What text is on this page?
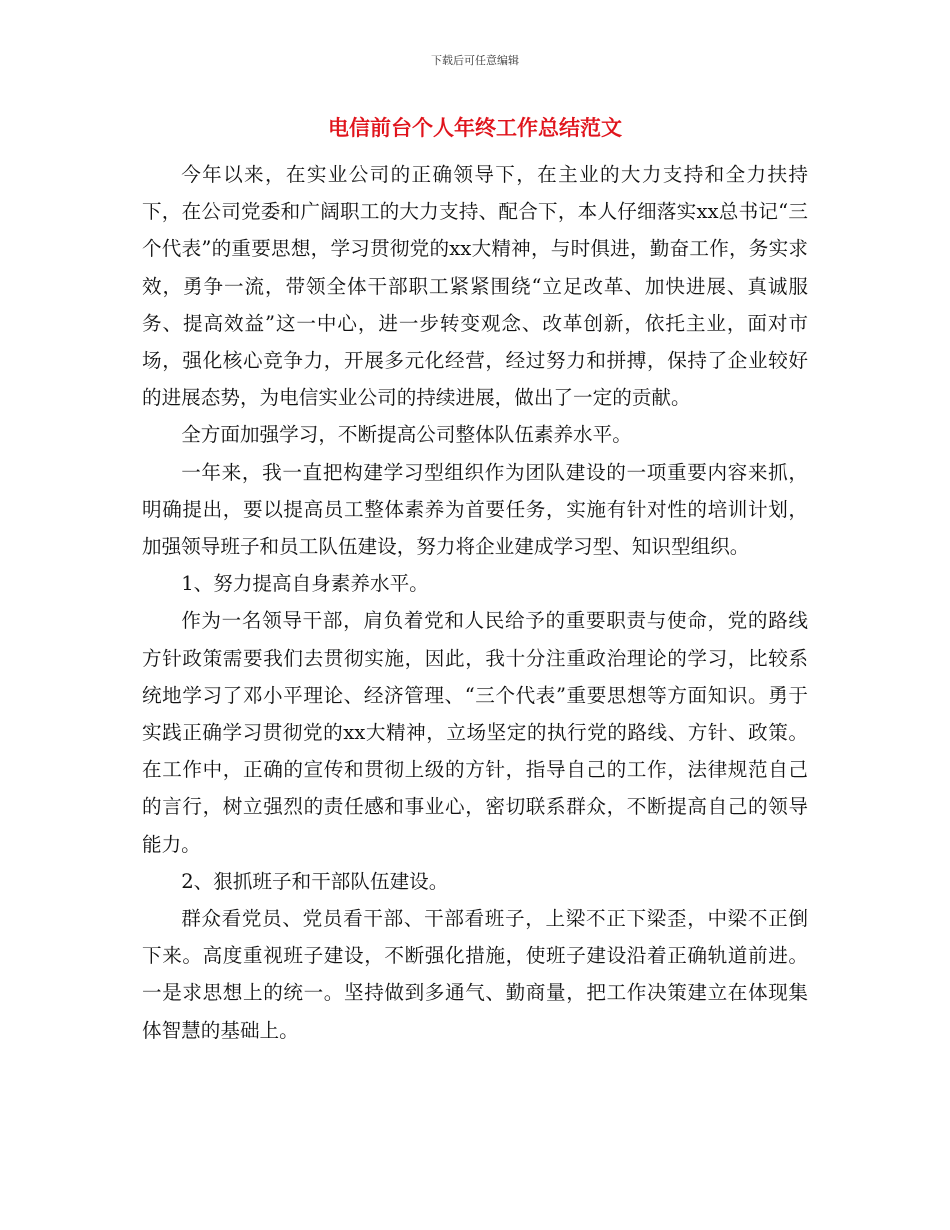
下载后可任意编辑
电信前台个人年终工作总结范文

今年以来，在实业公司的正确领导下，在主业的大力支持和全力扶持下，在公司党委和广阔职工的大力支持、配合下，本人仔细落实xx总书记“三个代表”的重要思想，学习贯彻党的xx大精神，与时俱进，勤奋工作，务实求效，勇争一流，带领全体干部职工紧紧围绕“立足改革、加快进展、真诚服务、提高效益”这一中心，进一步转变观念、改革创新，依托主业，面对市场，强化核心竞争力，开展多元化经营，经过努力和拼搏，保持了企业较好的进展态势，为电信实业公司的持续进展，做出了一定的贡献。

全方面加强学习，不断提高公司整体队伍素养水平。

一年来，我一直把构建学习型组织作为团队建设的一项重要内容来抓，明确提出，要以提高员工整体素养为首要任务，实施有针对性的培训计划，加强领导班子和员工队伍建设，努力将企业建成学习型、知识型组织。

1、努力提高自身素养水平。

作为一名领导干部，肩负着党和人民给予的重要职责与使命，党的路线方针政策需要我们去贯彻实施，因此，我十分注重政治理论的学习，比较系统地学习了邓小平理论、经济管理、“三个代表”重要思想等方面知识。勇于实践正确学习贯彻党的xx大精神，立场坚定的执行党的路线、方针、政策。在工作中，正确的宣传和贯彻上级的方针，指导自己的工作，法律规范自己的言行，树立强烈的责任感和事业心，密切联系群众，不断提高自己的领导能力。

2、狠抓班子和干部队伍建设。

群众看党员、党员看干部、干部看班子，上梁不正下梁歪，中梁不正倒下来。高度重视班子建设，不断强化措施，使班子建设沿着正确轨道前进。一是求思想上的统一。坚持做到多通气、勤商量，把工作决策建立在体现集体智慧的基础上。
